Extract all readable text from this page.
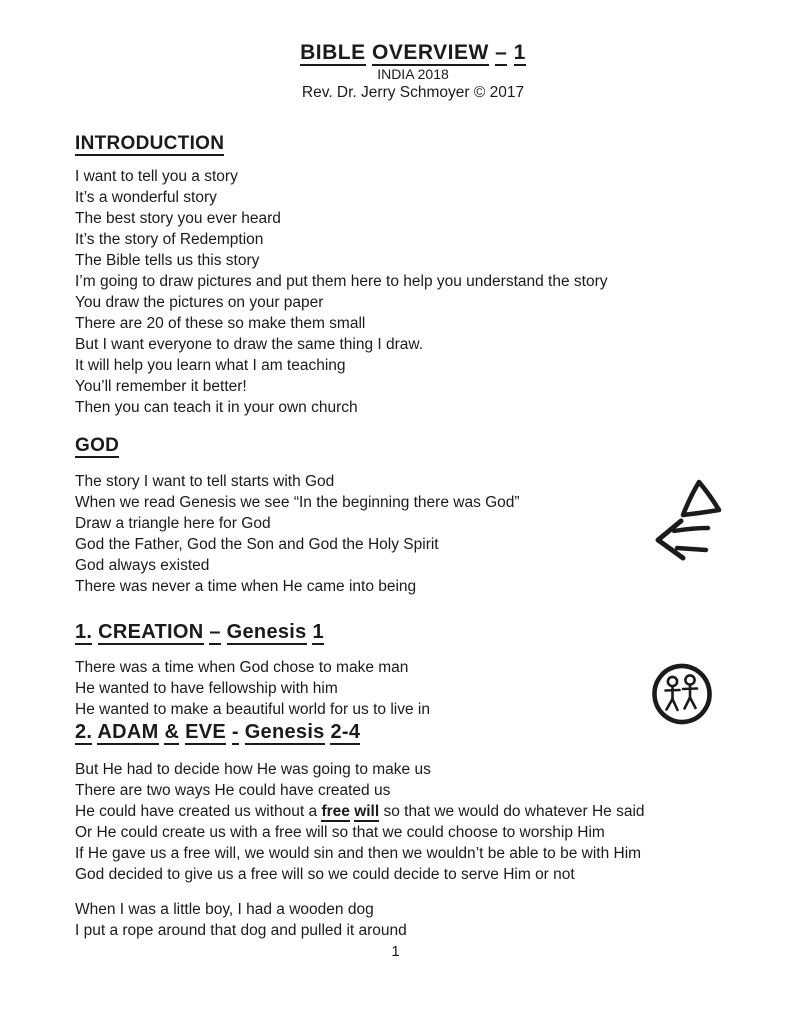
BIBLE OVERVIEW – 1
INDIA 2018
Rev. Dr. Jerry Schmoyer © 2017
INTRODUCTION
I want to tell you a story
It’s a wonderful story
The best story you ever heard
It’s the story of Redemption
The Bible tells us this story
I’m going to draw pictures and put them here to help you understand the story
You draw the pictures on your paper
There are 20 of these so make them small
But I want everyone to draw the same thing I draw.
It will help you learn what I am teaching
You’ll remember it better!
Then you can teach it in your own church
GOD
The story I want to tell starts with God
When we read Genesis we see “In the beginning there was God”
Draw a triangle here for God
God the Father, God the Son and God the Holy Spirit
God always existed
There was never a time when He came into being
1. CREATION – Genesis 1
There was a time when God chose to make man
He wanted to have fellowship with him
He wanted to make a beautiful world for us to live in
2. ADAM & EVE - Genesis 2-4
But He had to decide how He was going to make us
There are two ways He could have created us
He could have created us without a free will so that we would do whatever He said
Or He could create us with a free will so that we could choose to worship Him
If He gave us a free will, we would sin and then we wouldn’t be able to be with Him
God decided to give us a free will so we could decide to serve Him or not
When I was a little boy, I had a wooden dog
I put a rope around that dog and pulled it around
1
